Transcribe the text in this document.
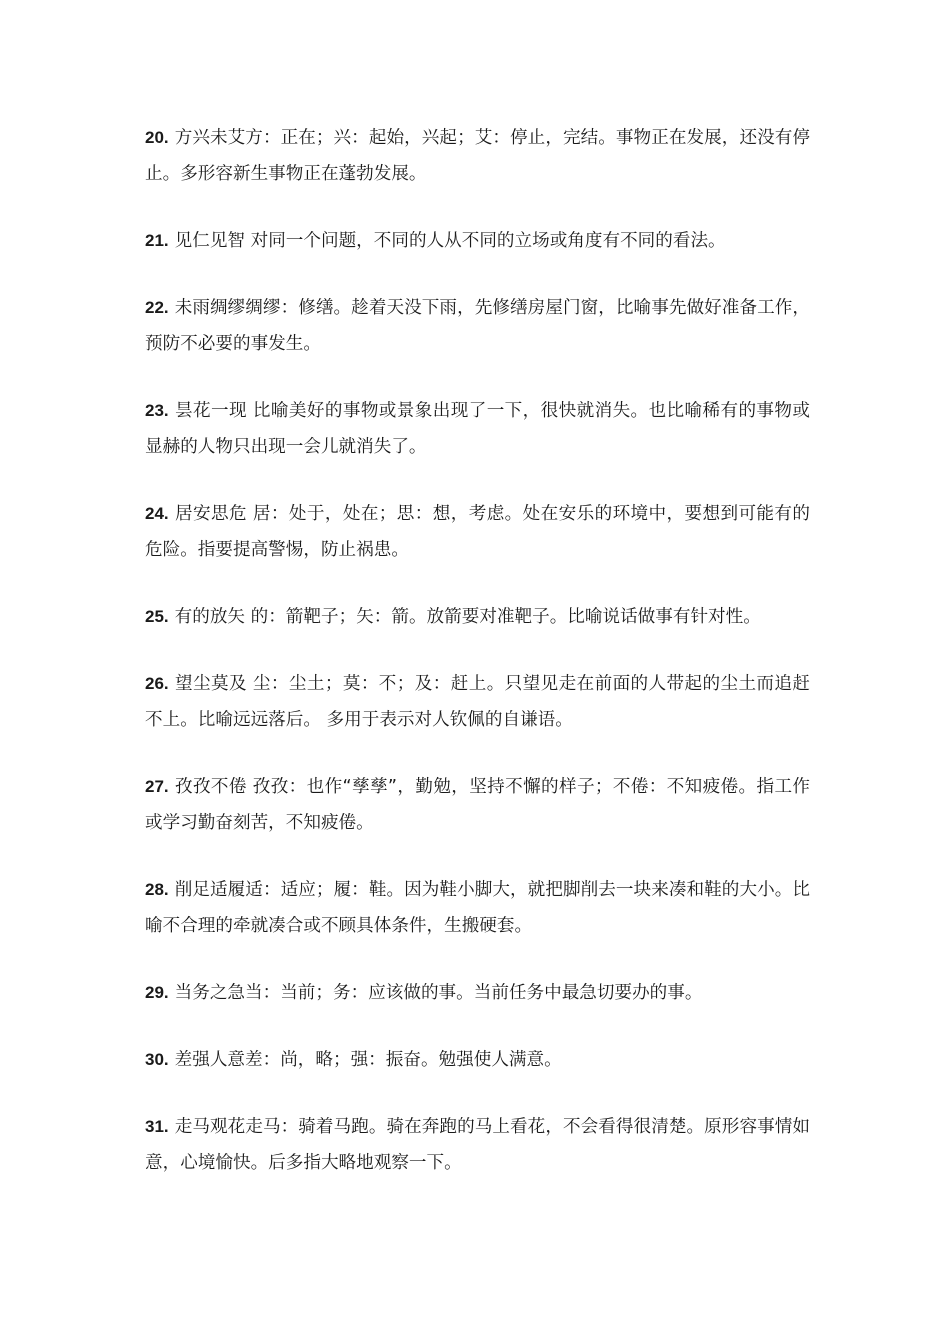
20. 方兴未艾方：正在；兴：起始，兴起；艾：停止，完结。事物正在发展，还没有停止。多形容新生事物正在蓬勃发展。
21. 见仁见智 对同一个问题，不同的人从不同的立场或角度有不同的看法。
22. 未雨绸缪绸缪：修缮。趁着天没下雨，先修缮房屋门窗，比喻事先做好准备工作，预防不必要的事发生。
23. 昙花一现 比喻美好的事物或景象出现了一下，很快就消失。也比喻稀有的事物或显赫的人物只出现一会儿就消失了。
24. 居安思危 居：处于，处在；思：想，考虑。处在安乐的环境中，要想到可能有的危险。指要提高警惕，防止祸患。
25. 有的放矢 的：箭靶子；矢：箭。放箭要对准靶子。比喻说话做事有针对性。
26. 望尘莫及 尘：尘土；莫：不；及：赶上。只望见走在前面的人带起的尘土而追赶不上。比喻远远落后。 多用于表示对人钦佩的自谦语。
27. 孜孜不倦 孜孜：也作“孳孳”，勤勉，坚持不懈的样子；不倦：不知疲倦。指工作或学习勤奋刻苦，不知疲倦。
28. 削足适履适：适应；履：鞋。因为鞋小脚大，就把脚削去一块来凑和鞋的大小。比喻不合理的牵就凑合或不顾具体条件，生搬硬套。
29. 当务之急当：当前；务：应该做的事。当前任务中最急切要办的事。
30. 差强人意差：尚，略；强：振奋。勉强使人满意。
31. 走马观花走马：骑着马跑。骑在奔跑的马上看花，不会看得很清楚。原形容事情如意，心境愉快。后多指大略地观察一下。
